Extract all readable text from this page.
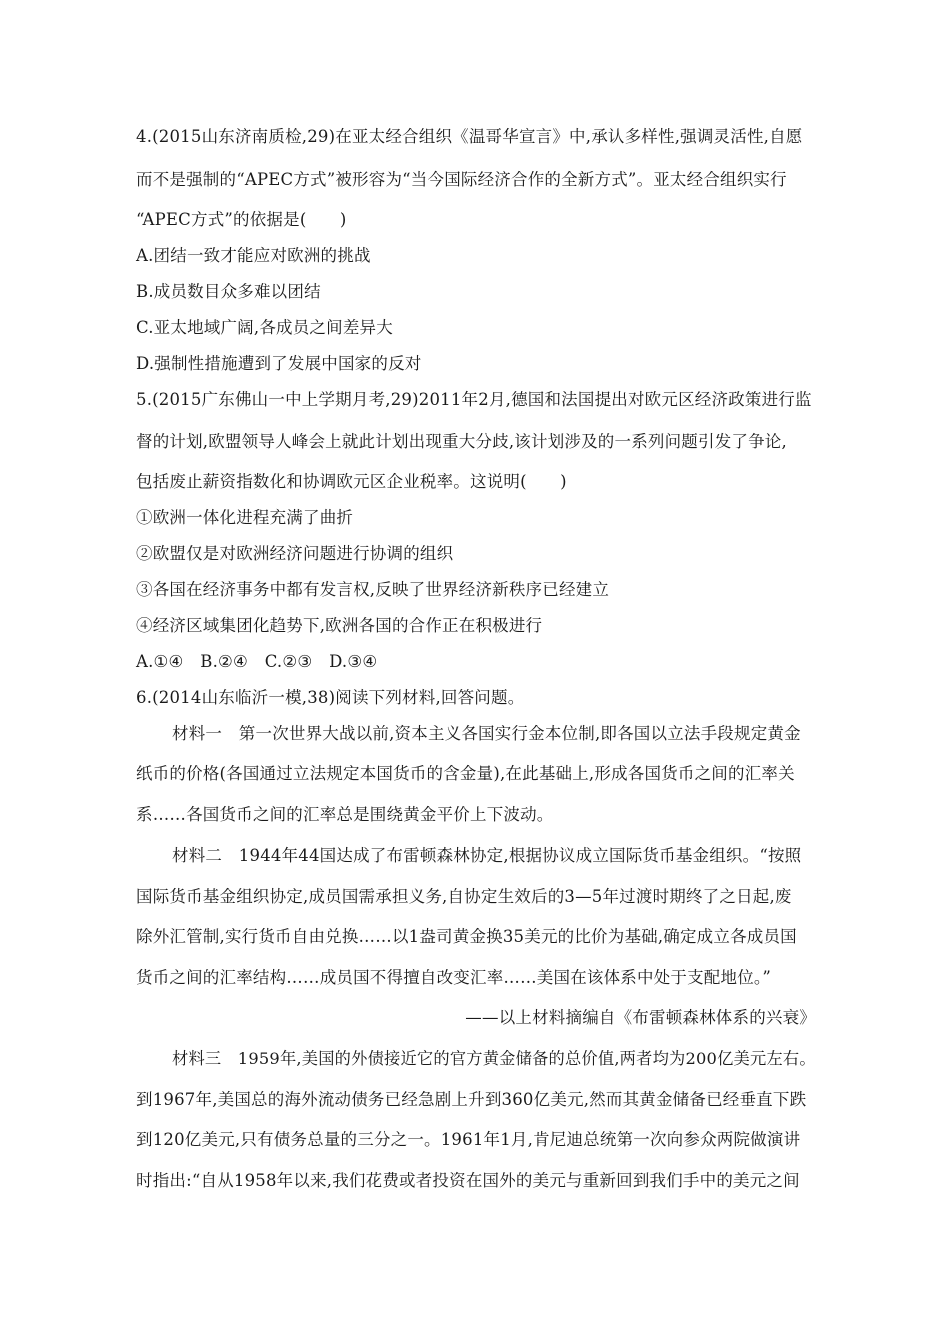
4.(2015山东济南质检,29)在亚太经合组织《温哥华宣言》中,承认多样性,强调灵活性,自愿
而不是强制的“APEC方式”被形容为“当今国际经济合作的全新方式”。亚太经合组织实行
“APEC方式”的依据是(　　)
A.团结一致才能应对欧洲的挑战
B.成员数目众多难以团结
C.亚太地域广阔,各成员之间差异大
D.强制性措施遭到了发展中国家的反对
5.(2015广东佛山一中上学期月考,29)2011年2月,德国和法国提出对欧元区经济政策进行监
督的计划,欧盟领导人峰会上就此计划出现重大分歧,该计划涉及的一系列问题引发了争论,
包括废止薪资指数化和协调欧元区企业税率。这说明(　　)
①欧洲一体化进程充满了曲折
②欧盟仅是对欧洲经济问题进行协调的组织
③各国在经济事务中都有发言权,反映了世界经济新秩序已经建立
④经济区域集团化趋势下,欧洲各国的合作正在积极进行
A.①④　B.②④　C.②③　D.③④
6.(2014山东临沂一模,38)阅读下列材料,回答问题。
材料一　第一次世界大战以前,资本主义各国实行金本位制,即各国以立法手段规定黄金
纸币的价格(各国通过立法规定本国货币的含金量),在此基础上,形成各国货币之间的汇率关
系……各国货币之间的汇率总是围绕黄金平价上下波动。
材料二　1944年44国达成了布雷顿森林协定,根据协议成立国际货币基金组织。“按照
国际货币基金组织协定,成员国需承担义务,自协定生效后的3—5年过渡时期终了之日起,废
除外汇管制,实行货币自由兑换……以1盎司黄金换35美元的比价为基础,确定成立各成员国
货币之间的汇率结构……成员国不得擅自改变汇率……美国在该体系中处于支配地位。”
——以上材料摘编自《布雷顿森林体系的兴衰》
材料三　1959年,美国的外债接近它的官方黄金储备的总价值,两者均为200亿美元左右。
到1967年,美国总的海外流动债务已经急剧上升到360亿美元,然而其黄金储备已经垂直下跌
到120亿美元,只有债务总量的三分之一。1961年1月,肯尼迪总统第一次向参众两院做演讲
时指出:“自从1958年以来,我们花费或者投资在国外的美元与重新回到我们手中的美元之间
